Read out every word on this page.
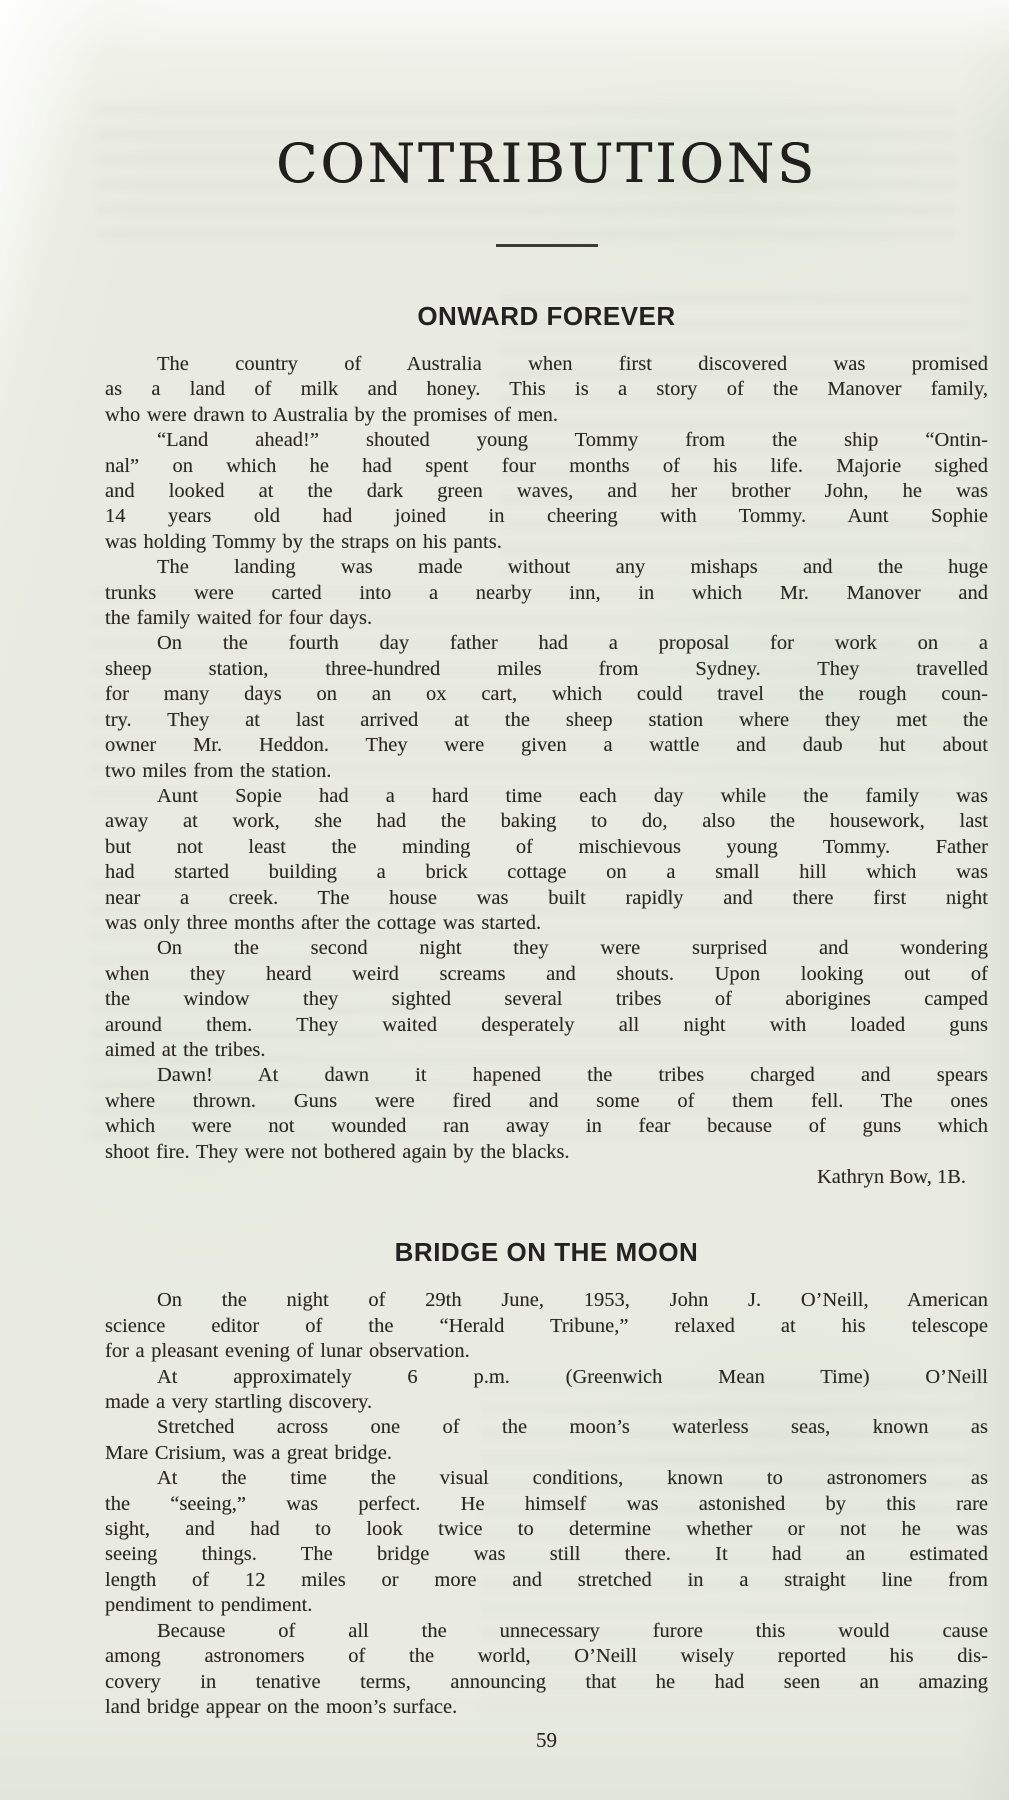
CONTRIBUTIONS
ONWARD FOREVER
The country of Australia when first discovered was promised
as a land of milk and honey. This is a story of the Manover family,
who were drawn to Australia by the promises of men.
“Land ahead!” shouted young Tommy from the ship “Ontin-
nal” on which he had spent four months of his life. Majorie sighed
and looked at the dark green waves, and her brother John, he was
14 years old had joined in cheering with Tommy. Aunt Sophie
was holding Tommy by the straps on his pants.
The landing was made without any mishaps and the huge
trunks were carted into a nearby inn, in which Mr. Manover and
the family waited for four days.
On the fourth day father had a proposal for work on a
sheep station, three-hundred miles from Sydney. They travelled
for many days on an ox cart, which could travel the rough coun-
try. They at last arrived at the sheep station where they met the
owner Mr. Heddon. They were given a wattle and daub hut about
two miles from the station.
Aunt Sopie had a hard time each day while the family was
away at work, she had the baking to do, also the housework, last
but not least the minding of mischievous young Tommy. Father
had started building a brick cottage on a small hill which was
near a creek. The house was built rapidly and there first night
was only three months after the cottage was started.
On the second night they were surprised and wondering
when they heard weird screams and shouts. Upon looking out of
the window they sighted several tribes of aborigines camped
around them. They waited desperately all night with loaded guns
aimed at the tribes.
Dawn! At dawn it hapened the tribes charged and spears
where thrown. Guns were fired and some of them fell. The ones
which were not wounded ran away in fear because of guns which
shoot fire. They were not bothered again by the blacks.
Kathryn Bow, 1B.
BRIDGE ON THE MOON
On the night of 29th June, 1953, John J. O’Neill, American
science editor of the “Herald Tribune,” relaxed at his telescope
for a pleasant evening of lunar observation.
At approximately 6 p.m. (Greenwich Mean Time) O’Neill
made a very startling discovery.
Stretched across one of the moon’s waterless seas, known as
Mare Crisium, was a great bridge.
At the time the visual conditions, known to astronomers as
the “seeing,” was perfect. He himself was astonished by this rare
sight, and had to look twice to determine whether or not he was
seeing things. The bridge was still there. It had an estimated
length of 12 miles or more and stretched in a straight line from
pendiment to pendiment.
Because of all the unnecessary furore this would cause
among astronomers of the world, O’Neill wisely reported his dis-
covery in tenative terms, announcing that he had seen an amazing
land bridge appear on the moon’s surface.
59
